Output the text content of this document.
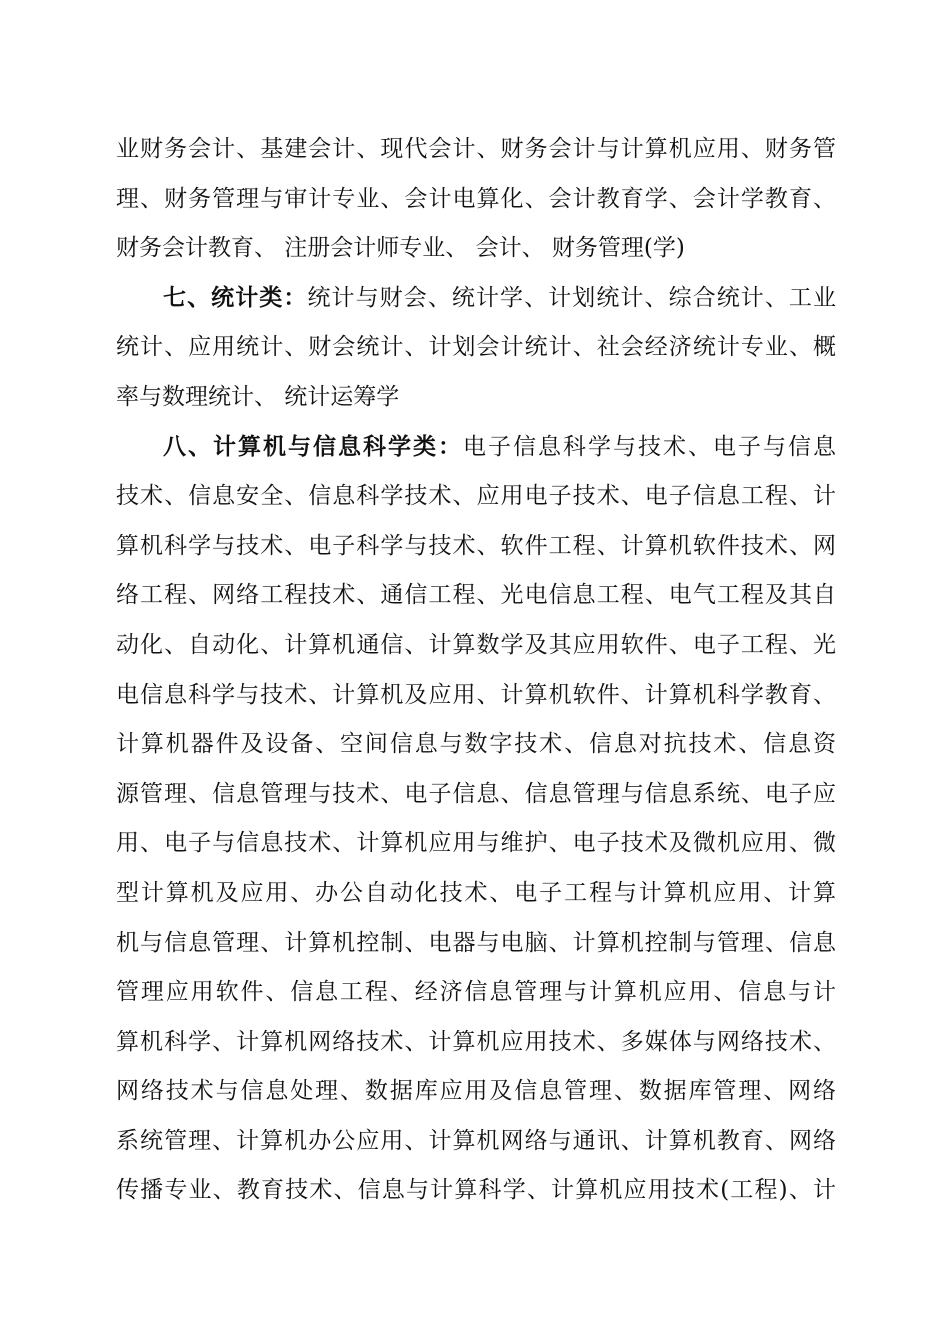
业财务会计、基建会计、现代会计、财务会计与计算机应用、财务管
理、财务管理与审计专业、会计电算化、会计教育学、会计学教育、
财务会计教育、 注册会计师专业、 会计、 财务管理(学)
七、统计类：统计与财会、统计学、计划统计、综合统计、工业
统计、应用统计、财会统计、计划会计统计、社会经济统计专业、概
率与数理统计、 统计运筹学
八、计算机与信息科学类：电子信息科学与技术、电子与信息
技术、信息安全、信息科学技术、应用电子技术、电子信息工程、计
算机科学与技术、电子科学与技术、软件工程、计算机软件技术、网
络工程、网络工程技术、通信工程、光电信息工程、电气工程及其自
动化、自动化、计算机通信、计算数学及其应用软件、电子工程、光
电信息科学与技术、计算机及应用、计算机软件、计算机科学教育、
计算机器件及设备、空间信息与数字技术、信息对抗技术、信息资
源管理、信息管理与技术、电子信息、信息管理与信息系统、电子应
用、电子与信息技术、计算机应用与维护、电子技术及微机应用、微
型计算机及应用、办公自动化技术、电子工程与计算机应用、计算
机与信息管理、计算机控制、电器与电脑、计算机控制与管理、信息
管理应用软件、信息工程、经济信息管理与计算机应用、信息与计
算机科学、计算机网络技术、计算机应用技术、多媒体与网络技术、
网络技术与信息处理、数据库应用及信息管理、数据库管理、网络
系统管理、计算机办公应用、计算机网络与通讯、计算机教育、网络
传播专业、教育技术、信息与计算科学、计算机应用技术(工程)、计
